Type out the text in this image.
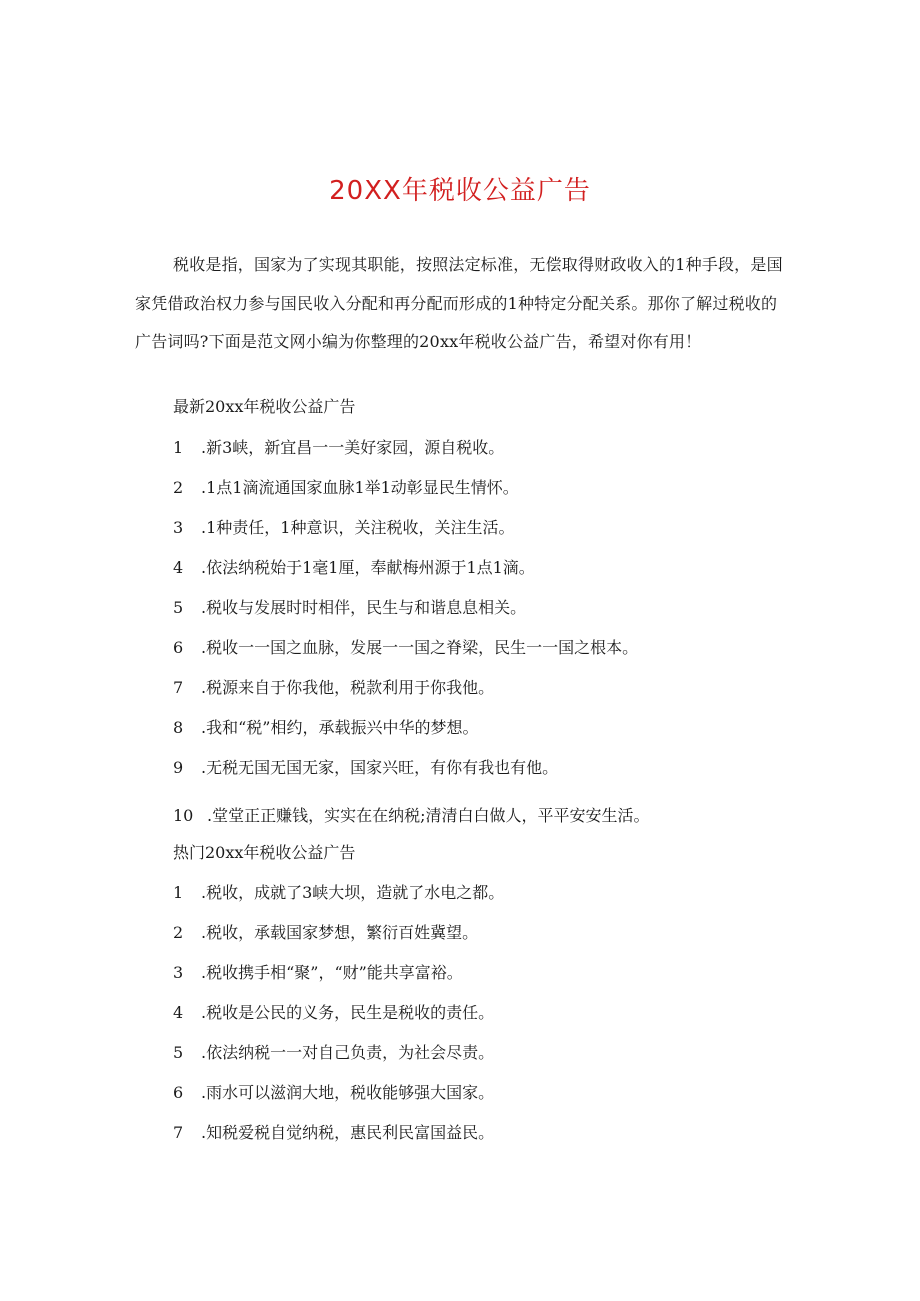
20XX年税收公益广告

税收是指，国家为了实现其职能，按照法定标准，无偿取得财政收入的1种手段，是国家凭借政治权力参与国民收入分配和再分配而形成的1种特定分配关系。那你了解过税收的广告词吗?下面是范文网小编为你整理的20xx年税收公益广告，希望对你有用！

最新20xx年税收公益广告

1 .新3峡，新宜昌一一美好家园，源自税收。
2 .1点1滴流通国家血脉1举1动彰显民生情怀。
3 .1种责任，1种意识，关注税收，关注生活。
4 .依法纳税始于1毫1厘，奉献梅州源于1点1滴。
5 .税收与发展时时相伴，民生与和谐息息相关。
6 .税收一一国之血脉，发展一一国之脊梁，民生一一国之根本。
7 .税源来自于你我他，税款利用于你我他。
8 .我和“税”相约，承载振兴中华的梦想。
9 .无税无国无国无家，国家兴旺，有你有我也有他。
10 .堂堂正正赚钱，实实在在纳税;清清白白做人，平平安安生活。

热门20xx年税收公益广告

1 .税收，成就了3峡大坝，造就了水电之都。
2 .税收，承载国家梦想，繁衍百姓冀望。
3 .税收携手相“聚”，“财”能共享富裕。
4 .税收是公民的义务，民生是税收的责任。
5 .依法纳税一一对自己负责，为社会尽责。
6 .雨水可以滋润大地，税收能够强大国家。
7 .知税爱税自觉纳税，惠民利民富国益民。
